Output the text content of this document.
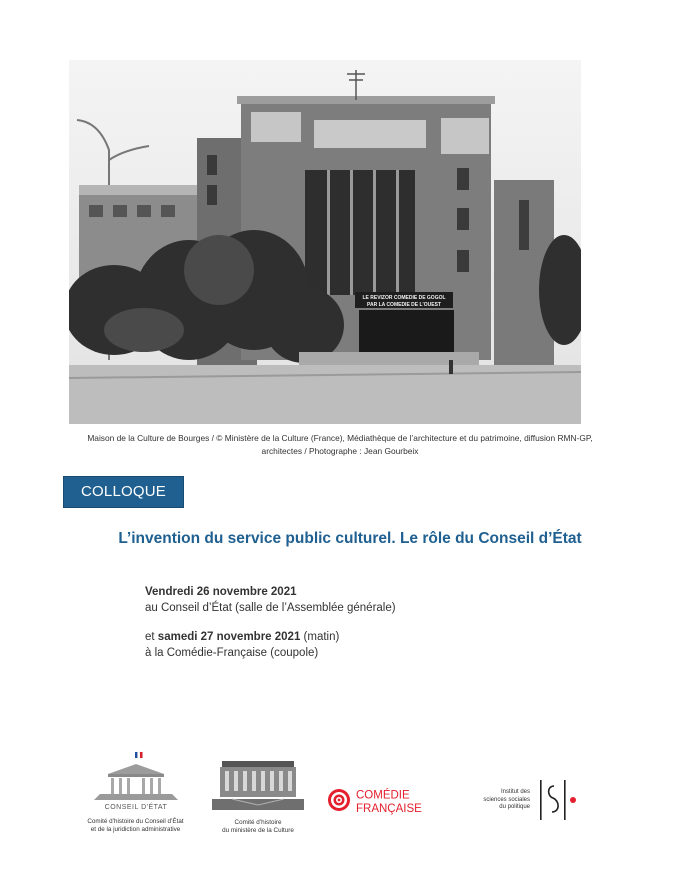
LE REVIZOR COMEDIE DE GOGOL
PAR LA COMEDIE DE L'OUEST
Maison de la Culture de Bourges / © Ministère de la Culture (France), Médiathèque de l’architecture et du patrimoine, diffusion RMN-GP,
architectes / Photographe : Jean Gourbeix
COLLOQUE
L’invention du service public culturel. Le rôle du Conseil d’État

Vendredi 26 novembre 2021

au Conseil d’État (salle de l’Assemblée générale)

et samedi 27 novembre 2021 (matin)

à la Comédie-Française (coupole)

CONSEIL D'ÉTAT
Comité d’histoire du Conseil d’État
et de la juridiction administrative
Comité d’histoire
du ministère de la Culture
COMÉDIE
FRANÇAISE
Institut des
sciences sociales
du politique
